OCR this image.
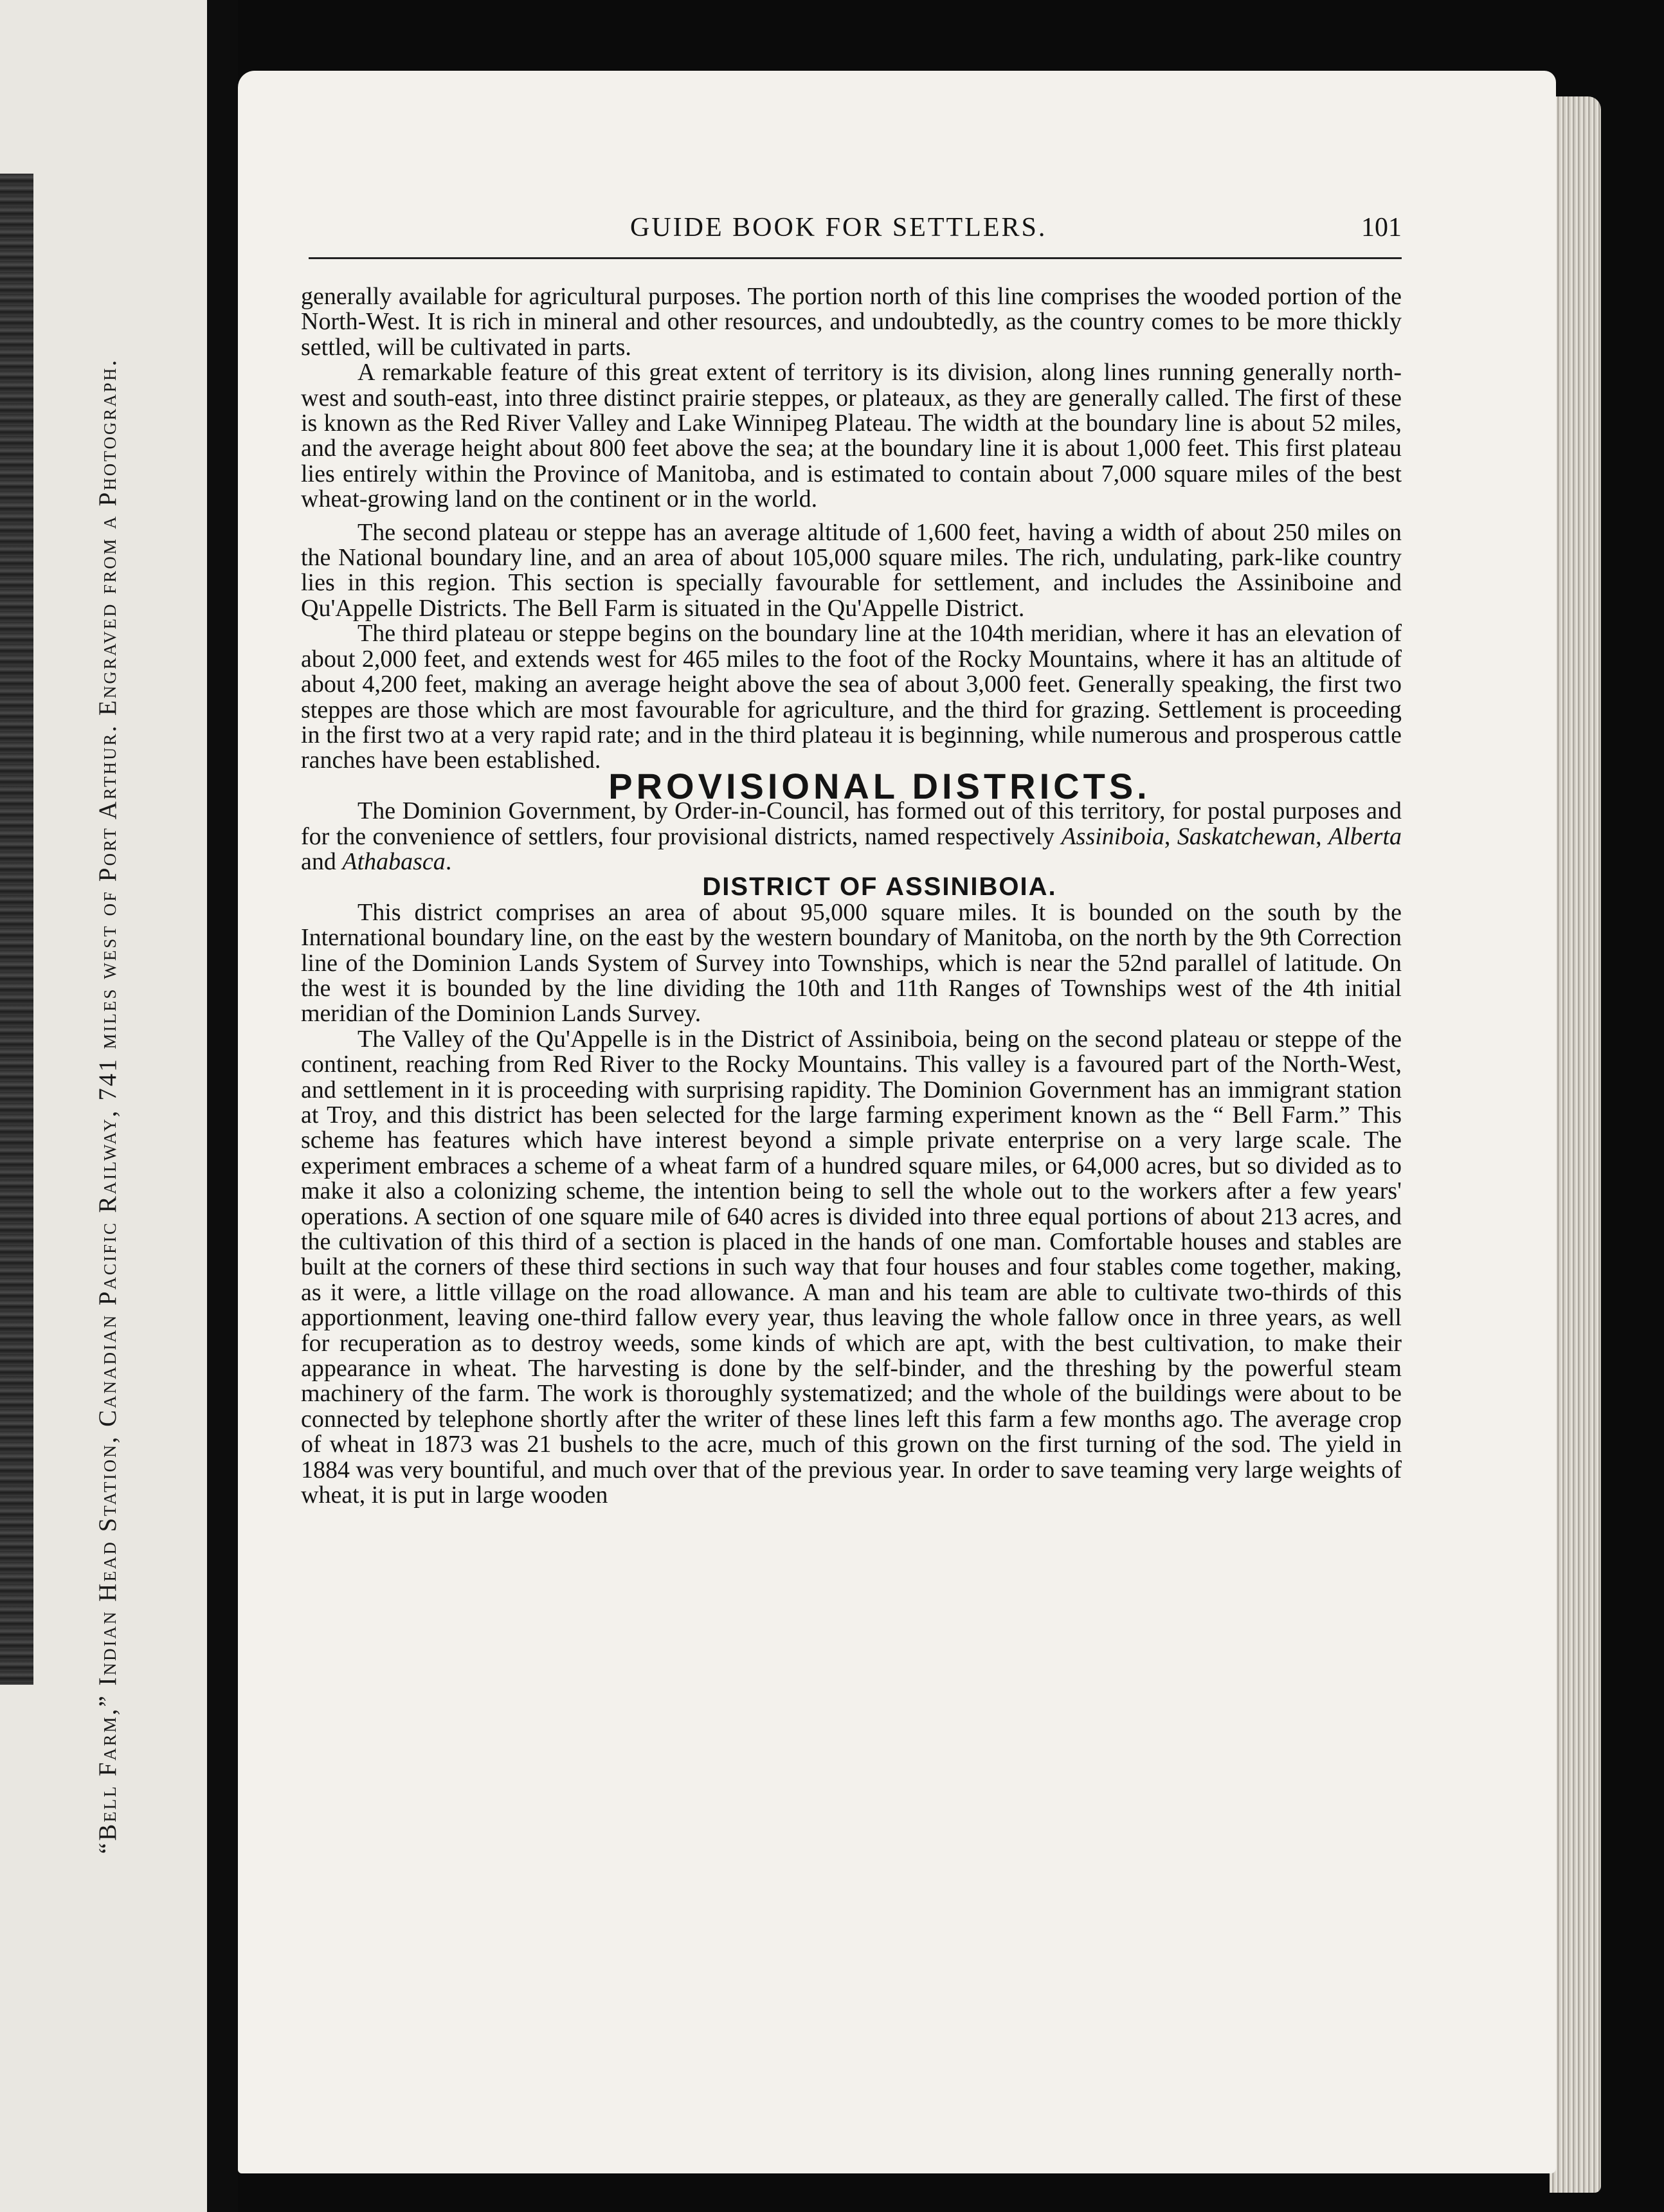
“Bell Farm,” Indian Head Station, Canadian Pacific Railway, 741 miles west of Port Arthur. Engraved from a Photograph.
GUIDE BOOK FOR SETTLERS.	101

generally available for agricultural purposes. The portion north of this line comprises the wooded portion of the North-West. It is rich in mineral and other resources, and undoubtedly, as the country comes to be more thickly settled, will be cultivated in parts.

A remarkable feature of this great extent of territory is its division, along lines running generally north-west and south-east, into three distinct prairie steppes, or plateaux, as they are generally called. The first of these is known as the Red River Valley and Lake Winnipeg Plateau. The width at the boundary line is about 52 miles, and the average height about 800 feet above the sea; at the boundary line it is about 1,000 feet. This first plateau lies entirely within the Province of Manitoba, and is estimated to contain about 7,000 square miles of the best wheat-growing land on the continent or in the world.

The second plateau or steppe has an average altitude of 1,600 feet, having a width of about 250 miles on the National boundary line, and an area of about 105,000 square miles. The rich, undulating, park-like country lies in this region. This section is specially favourable for settlement, and includes the Assiniboine and Qu'Appelle Districts. The Bell Farm is situated in the Qu'Appelle District.

The third plateau or steppe begins on the boundary line at the 104th meridian, where it has an elevation of about 2,000 feet, and extends west for 465 miles to the foot of the Rocky Mountains, where it has an altitude of about 4,200 feet, making an average height above the sea of about 3,000 feet. Generally speaking, the first two steppes are those which are most favourable for agriculture, and the third for grazing. Settlement is proceeding in the first two at a very rapid rate; and in the third plateau it is beginning, while numerous and prosperous cattle ranches have been established.

PROVISIONAL DISTRICTS.

The Dominion Government, by Order-in-Council, has formed out of this territory, for postal purposes and for the convenience of settlers, four provisional districts, named respectively Assiniboia, Saskatchewan, Alberta and Athabasca.

DISTRICT OF ASSINIBOIA.

This district comprises an area of about 95,000 square miles. It is bounded on the south by the International boundary line, on the east by the western boundary of Manitoba, on the north by the 9th Correction line of the Dominion Lands System of Survey into Townships, which is near the 52nd parallel of latitude. On the west it is bounded by the line dividing the 10th and 11th Ranges of Townships west of the 4th initial meridian of the Dominion Lands Survey.

The Valley of the Qu'Appelle is in the District of Assiniboia, being on the second plateau or steppe of the continent, reaching from Red River to the Rocky Mountains. This valley is a favoured part of the North-West, and settlement in it is proceeding with surprising rapidity. The Dominion Government has an immigrant station at Troy, and this district has been selected for the large farming experiment known as the “ Bell Farm.” This scheme has features which have interest beyond a simple private enterprise on a very large scale. The experiment embraces a scheme of a wheat farm of a hundred square miles, or 64,000 acres, but so divided as to make it also a colonizing scheme, the intention being to sell the whole out to the workers after a few years' operations. A section of one square mile of 640 acres is divided into three equal portions of about 213 acres, and the cultivation of this third of a section is placed in the hands of one man. Comfortable houses and stables are built at the corners of these third sections in such way that four houses and four stables come together, making, as it were, a little village on the road allowance. A man and his team are able to cultivate two-thirds of this apportionment, leaving one-third fallow every year, thus leaving the whole fallow once in three years, as well for recuperation as to destroy weeds, some kinds of which are apt, with the best cultivation, to make their appearance in wheat. The harvesting is done by the self-binder, and the threshing by the powerful steam machinery of the farm. The work is thoroughly systematized; and the whole of the buildings were about to be connected by telephone shortly after the writer of these lines left this farm a few months ago. The average crop of wheat in 1873 was 21 bushels to the acre, much of this grown on the first turning of the sod. The yield in 1884 was very bountiful, and much over that of the previous year. In order to save teaming very large weights of wheat, it is put in large wooden
